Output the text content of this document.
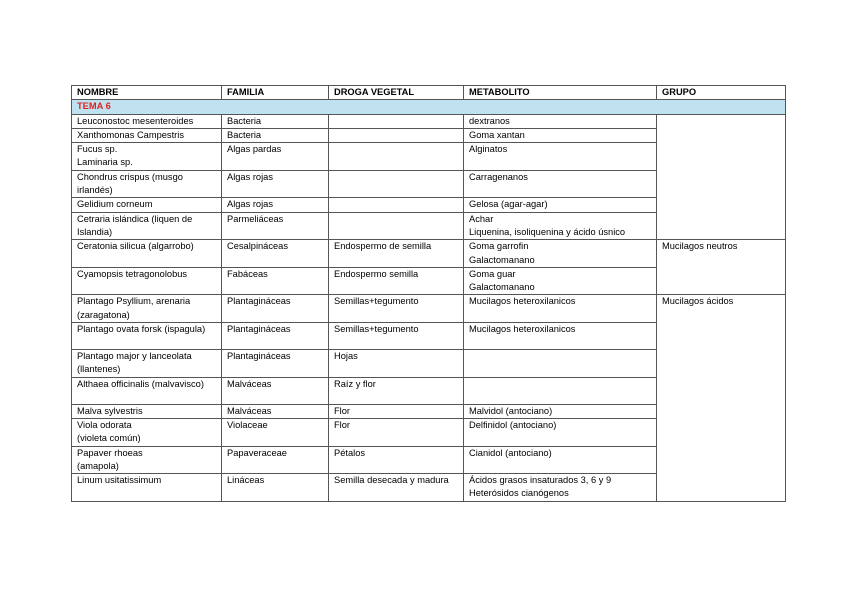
NOMBRE	FAMILIA	DROGA VEGETAL	METABOLITO	GRUPO
TEMA 6				

Leuconostoc mesenteroides	Bacteria		dextranos	

Xanthomonas Campestris	Bacteria		Goma xantan	

Fucus sp.
Laminaria sp.	Algas pardas		Alginatos	

Chondrus crispus (musgo irlandés)	Algas rojas		Carragenanos	

Gelidium corneum	Algas rojas		Gelosa (agar-agar)	

Cetraria islándica (liquen de Islandia)	Parmeliáceas		Achar
Liquenina, isoliquenina y ácido úsnico	

Ceratonia silicua (algarrobo)	Cesalpináceas	Endospermo de semilla	Goma garrofin
Galactomanano	Mucilagos neutros

Cyamopsis tetragonolobus	Fabáceas	Endospermo semilla	Goma guar
Galactomanano	

Plantago Psyllium, arenaria (zaragatona)	Plantagináceas	Semillas+tegumento	Mucilagos heteroxilanicos	Mucilagos ácidos

Plantago ovata forsk (ispagula)	Plantagináceas	Semillas+tegumento	Mucilagos heteroxilanicos	

Plantago major y lanceolata (llantenes)	Plantagináceas	Hojas		

Althaea officinalis (malvavisco)	Malváceas	Raíz y flor		

Malva sylvestris	Malváceas	Flor	Malvidol (antociano)	

Viola odorata
(violeta común)	Violaceae	Flor	Delfinidol (antociano)	

Papaver rhoeas
(amapola)	Papaveraceae	Pétalos	Cianidol (antociano)	

Linum usitatissimum	Lináceas	Semilla desecada y madura	Ácidos grasos insaturados 3, 6 y 9
Heterósidos cianógenos	
